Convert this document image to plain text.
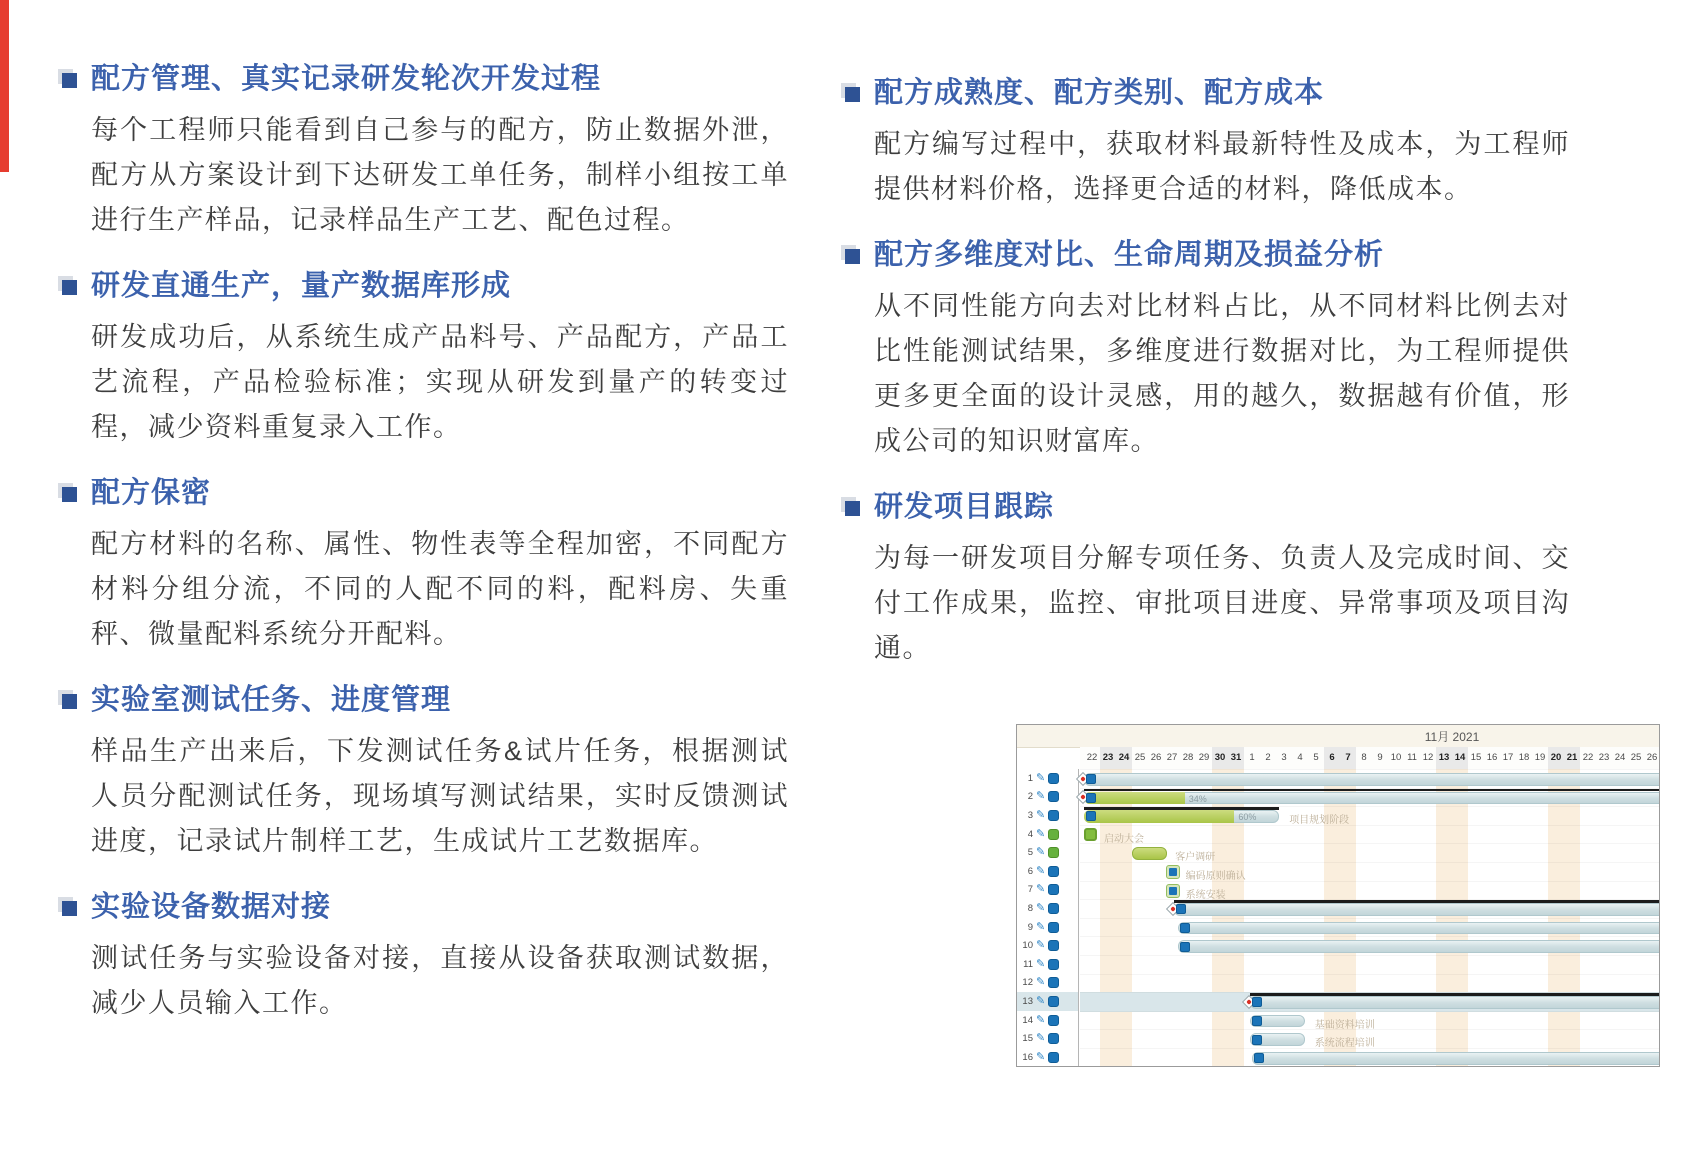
配方管理、真实记录研发轮次开发过程

每个工程师只能看到自己参与的配方，防止数据外泄，配方从方案设计到下达研发工单任务，制样小组按工单进行生产样品，记录样品生产工艺、配色过程。

研发直通生产，量产数据库形成

研发成功后，从系统生成产品料号、产品配方，产品工艺流程，产品检验标准；实现从研发到量产的转变过程，减少资料重复录入工作。

配方保密

配方材料的名称、属性、物性表等全程加密，不同配方材料分组分流，不同的人配不同的料，配料房、失重秤、微量配料系统分开配料。

实验室测试任务、进度管理

样品生产出来后，下发测试任务&试片任务，根据测试人员分配测试任务，现场填写测试结果，实时反馈测试进度，记录试片制样工艺，生成试片工艺数据库。

实验设备数据对接

测试任务与实验设备对接，直接从设备获取测试数据，减少人员输入工作。

配方成熟度、配方类别、配方成本

配方编写过程中，获取材料最新特性及成本，为工程师提供材料价格，选择更合适的材料，降低成本。

配方多维度对比、生命周期及损益分析

从不同性能方向去对比材料占比，从不同材料比例去对比性能测试结果，多维度进行数据对比，为工程师提供更多更全面的设计灵感，用的越久，数据越有价值，形成公司的知识财富库。

研发项目跟踪

为每一研发项目分解专项任务、负责人及完成时间、交付工作成果，监控、审批项目进度、异常事项及项目沟通。

11月 2021
22 23 24 25 26 27 28 29 30 31 1	2	3	4	5	6	7	8	9 10 11 12 13 14 15 16 17 18 19 20 21 22 23 24 25 26
1 ✎
2 ✎
3 ✎
4 ✎
5 ✎
6 ✎
7 ✎
8 ✎
9 ✎
10 ✎
11 ✎
12 ✎
13 ✎
14 ✎
15 ✎
16 ✎
34%
60%	项目规划阶段
启动大会
客户调研
编码原则确认
系统安装
基础资料培训
系统流程培训
